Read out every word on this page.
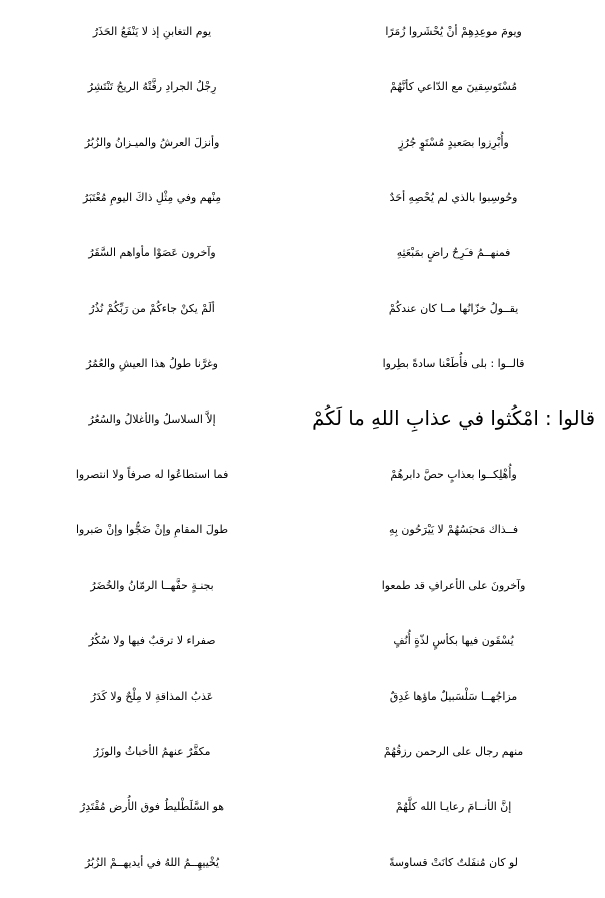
ويومَ موعِدِهِمْ أنْ يُحْشَروا زُمَرًا
يوم التغابنِ إذ لا يَنْفَعُ الحَذَرُ
مُسْتَوسِقينَ مع الدّاعي كأنَّهُمْ
رِجْلُ الجرادِ رفَّتْهُ الريحُ تَنْتَشِرُ
وأُبْرِزوا بصَعيدٍ مُسْتَوٍ جُرُزٍ
وأنزلَ العرشُ والميـزانُ والزُبُرُ
وحُوسِبوا بالذي لم يُحْصِهِ أحَدٌ
مِنْهم وفي مِثْلِ ذاكَ اليومِ مُعْتَبَرُ
فمنهــمُ فـَرِحٌ راضٍ بمَبْعَثِهِ
وآخرون عَصَوْا مأواهم السَّقَرُ
يقــولُ خزّانُها مــا كان عندكُمْ
ألَمْ يكنْ جاءكُمْ من رَبِّكُمْ نُذُرُ
قالــوا : بلى فأُطَعْنا سادةً بطِروا
وغرَّنا طولُ هذا العيشِ والعُمُرُ
قالوا : امْكُثوا في عذابِ اللهِ ما لَكُمْ
إلاَّ السلاسلُ والأغلالُ والسُعُرُ
وأُهْلِكــوا بعذابٍ حصَّ دابرهُمْ
فما استطاعُوا له صرفاً ولا انتصروا
فــذاك مَحبَسُهُمْ لا يَيْرَحُون بِهِ
طولَ المقامِ وإنْ ضَجُّوا وإنْ صَبروا
وآخرونَ على الأعرافِ قد طمعوا
بجنـةٍ حفَّهــا الرمّانُ والخُضَرُ
يُسْقَون فيها بكأسٍ لذّةٍ أُنُفٍ
صفراء لا ترقبٌ فيها ولا سُكُرُ
مزاجُهــا سَلْسَبيلٌ ماؤها غَدِقٌ
عَذبُ المذاقةِ لا مِلْحٌ ولا كَدَرُ
منهم رجال على الرحمن رزقُهُمْ
مكفَّرٌ عنهمُ الأخباثُ والوزَرُ
إنَّ الأنــامَ رعايـا الله كلَّهُمْ
هو السَّلَطْليطُ فوق الأُرض مُقْتَدِرُ
لو كان مُنفَلتٌ كانَتْ قساوسةً
يُخْييهِــمُ اللهُ في أيديهــمْ الزُبُرُ
